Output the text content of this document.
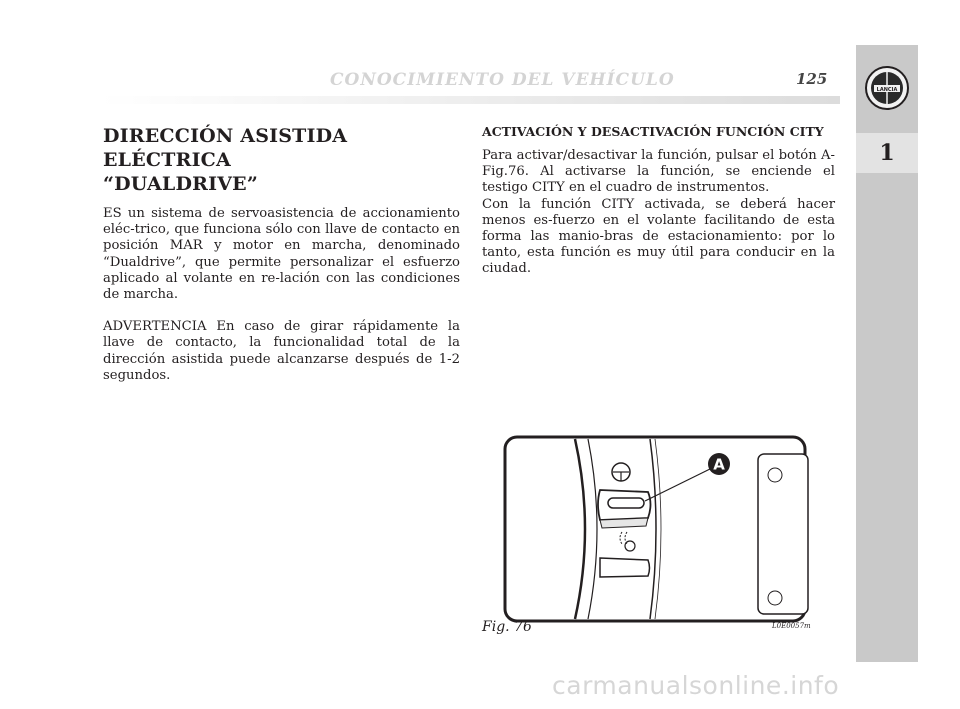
CONOCIMIENTO DEL VEHÍCULO	125
LANCIA
1
DIRECCIÓN ASISTIDA ELÉCTRICA
“DUALDRIVE”

ES un sistema de servoasistencia de accionamiento eléc-trico, que funciona sólo con llave de contacto en posición MAR y motor en marcha, denominado “Dualdrive”, que permite personalizar el esfuerzo aplicado al volante en re-lación con las condiciones de marcha.

ADVERTENCIA En caso de girar rápidamente la llave de contacto, la funcionalidad total de la dirección asistida puede alcanzarse después de 1-2 segundos.

ACTIVACIÓN Y DESACTIVACIÓN FUNCIÓN CITY

Para activar/desactivar la función, pulsar el botón A-Fig.76. Al activarse la función, se enciende el testigo CITY en el cuadro de instrumentos.

Con la función CITY activada, se deberá hacer menos es-fuerzo en el volante facilitando de esta forma las manio-bras de estacionamiento: por lo tanto, esta función es muy útil para conducir en la ciudad.

A
Fig. 76	L0E0057m
carmanualsonline.info
